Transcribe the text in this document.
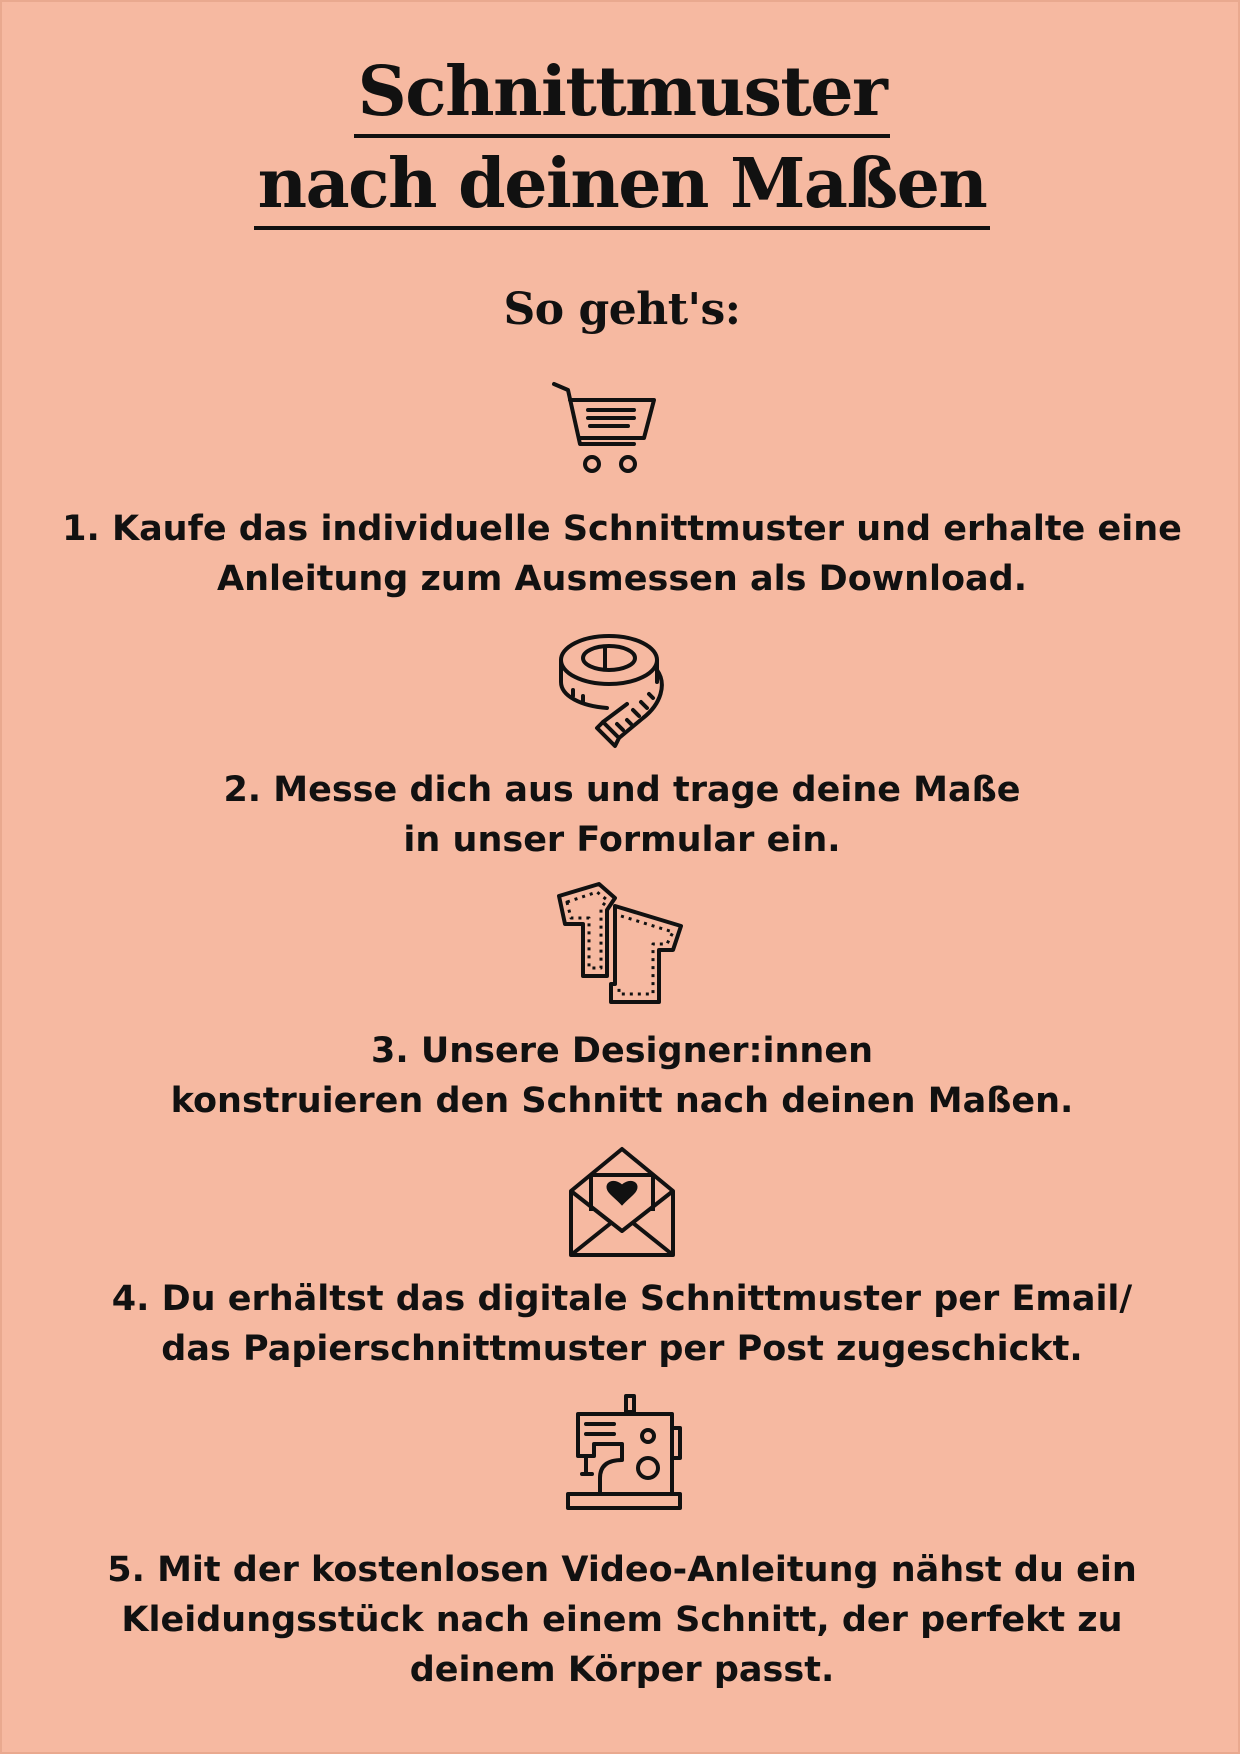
Schnittmuster
nach deinen Maßen
So geht's:
1. Kaufe das individuelle Schnittmuster und erhalte eine
Anleitung zum Ausmessen als Download.
2. Messe dich aus und trage deine Maße
in unser Formular ein.
3. Unsere Designer:innen
konstruieren den Schnitt nach deinen Maßen.
4. Du erhältst das digitale Schnittmuster per Email/
das Papierschnittmuster per Post zugeschickt.
5. Mit der kostenlosen Video-Anleitung nähst du ein
Kleidungsstück nach einem Schnitt, der perfekt zu
deinem Körper passt.
